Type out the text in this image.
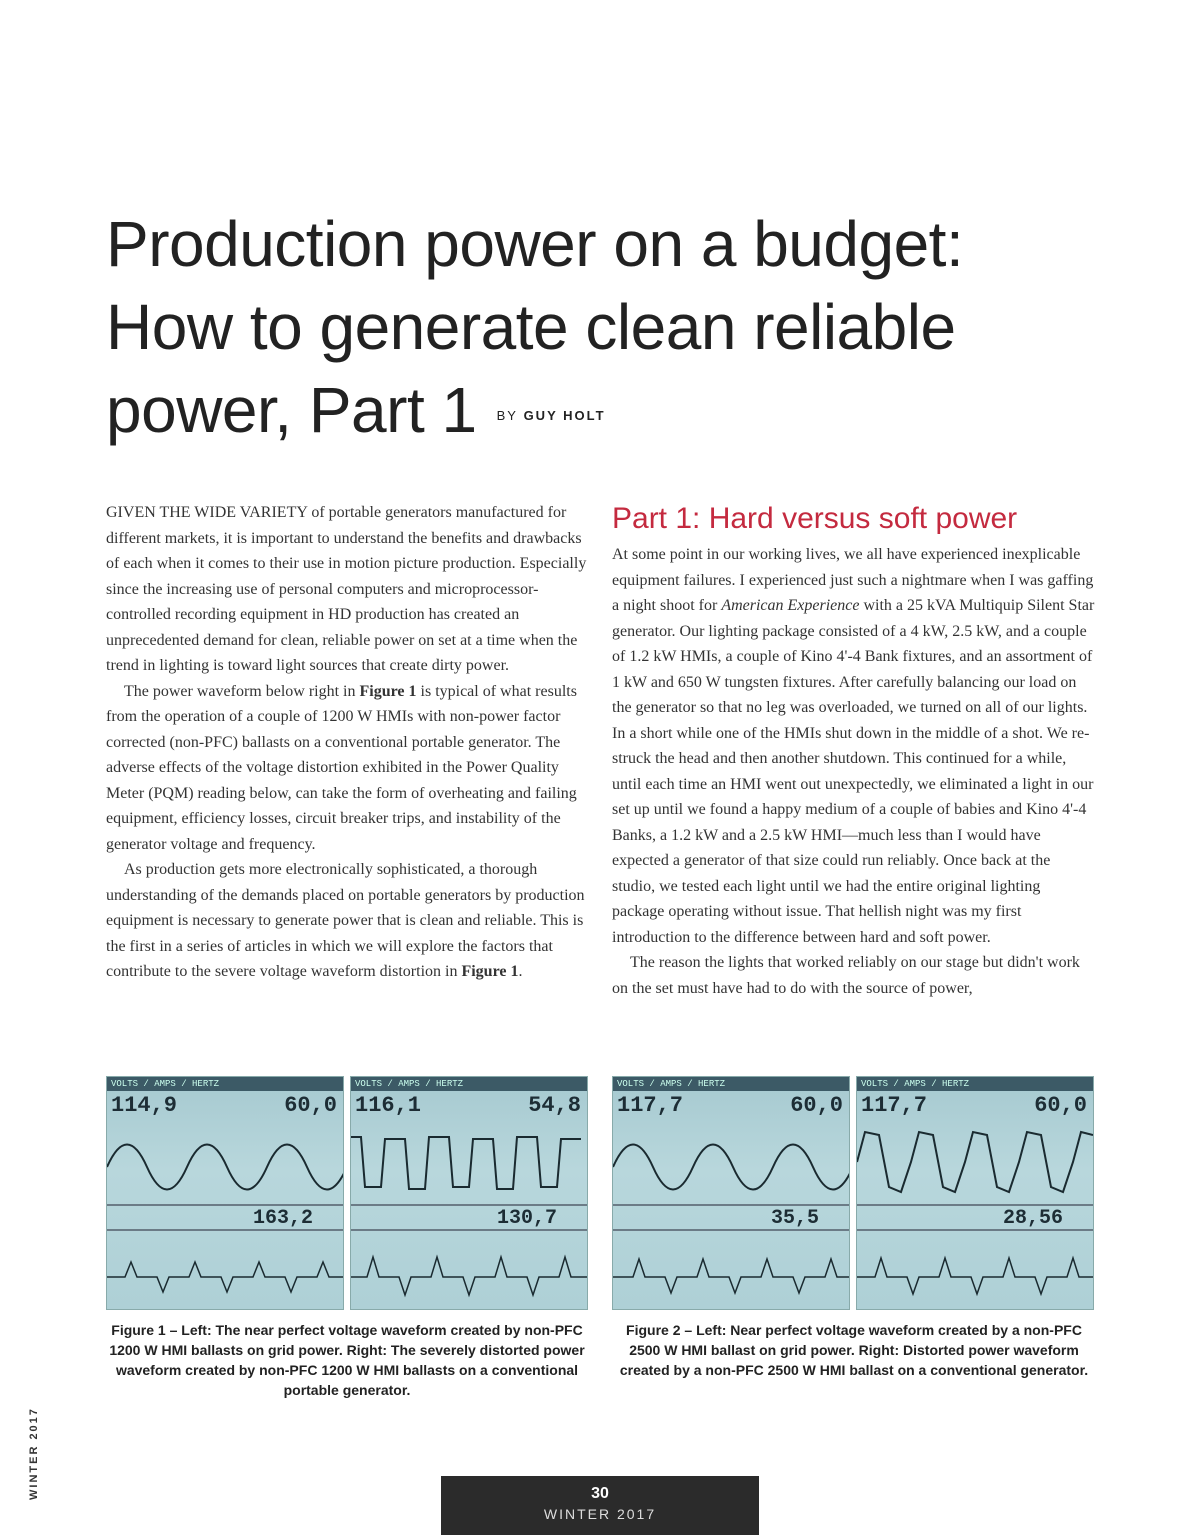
Production power on a budget:
How to generate clean reliable
power, Part 1 BY GUY HOLT

GIVEN THE WIDE VARIETY of portable generators manufactured for different markets, it is important to understand the benefits and drawbacks of each when it comes to their use in motion picture production. Especially since the increasing use of personal computers and microprocessor-controlled recording equipment in HD production has created an unprecedented demand for clean, reliable power on set at a time when the trend in lighting is toward light sources that create dirty power.

The power waveform below right in Figure 1 is typical of what results from the operation of a couple of 1200 W HMIs with non-power factor corrected (non-PFC) ballasts on a conventional portable generator. The adverse effects of the voltage distortion exhibited in the Power Quality Meter (PQM) reading below, can take the form of overheating and failing equipment, efficiency losses, circuit breaker trips, and instability of the generator voltage and frequency.

As production gets more electronically sophisticated, a thorough understanding of the demands placed on portable generators by production equipment is necessary to generate power that is clean and reliable. This is the first in a series of articles in which we will explore the factors that contribute to the severe voltage waveform distortion in Figure 1.

Part 1: Hard versus soft power

At some point in our working lives, we all have experienced inexplicable equipment failures. I experienced just such a nightmare when I was gaffing a night shoot for American Experience with a 25 kVA Multiquip Silent Star generator. Our lighting package consisted of a 4 kW, 2.5 kW, and a couple of 1.2 kW HMIs, a couple of Kino 4'-4 Bank fixtures, and an assortment of 1 kW and 650 W tungsten fixtures. After carefully balancing our load on the generator so that no leg was overloaded, we turned on all of our lights. In a short while one of the HMIs shut down in the middle of a shot. We re-struck the head and then another shutdown. This continued for a while, until each time an HMI went out unexpectedly, we eliminated a light in our set up until we found a happy medium of a couple of babies and Kino 4'-4 Banks, a 1.2 kW and a 2.5 kW HMI—much less than I would have expected a generator of that size could run reliably. Once back at the studio, we tested each light until we had the entire original lighting package operating without issue. That hellish night was my first introduction to the difference between hard and soft power.

The reason the lights that worked reliably on our stage but didn't work on the set must have had to do with the source of power,

VOLTS / AMPS / HERTZ
114,9	60,0
163,2
VOLTS / AMPS / HERTZ
116,1	54,8
130,7
VOLTS / AMPS / HERTZ
117,7	60,0
35,5
VOLTS / AMPS / HERTZ
117,7	60,0
28,56
Figure 1 – Left: The near perfect voltage waveform created by non-PFC 1200 W HMI ballasts on grid power. Right: The severely distorted power waveform created by non-PFC 1200 W HMI ballasts on a conventional portable generator.
Figure 2 – Left: Near perfect voltage waveform created by a non-PFC 2500 W HMI ballast on grid power. Right: Distorted power waveform created by a non-PFC 2500 W HMI ballast on a conventional generator.
WINTER 2017	30
WINTER 2017
